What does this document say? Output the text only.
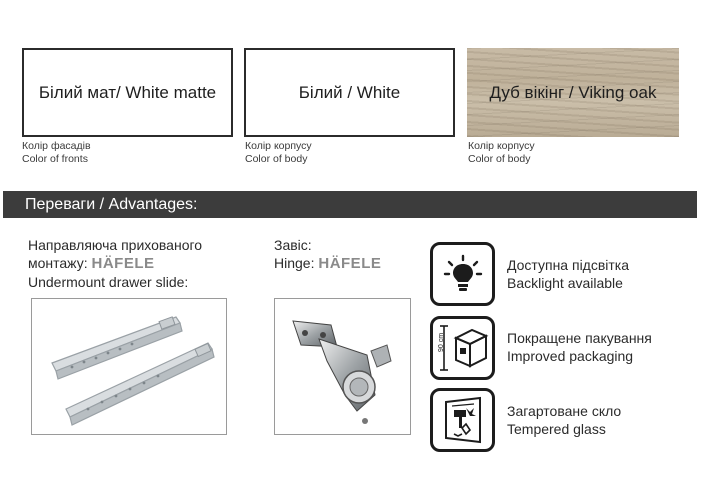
Білий мат/ White matte
Колір фасадів
Color of fronts
Білий / White
Колір корпусу
Color of body
Дуб вікінг / Viking oak
Колір корпусу
Color of body
Переваги / Advantages:
Направляюча прихованого
монтажу: HÄFELE
Undermount drawer slide:
Завіс:
Hinge: HÄFELE	Доступна підсвітка
Backlight available
90 cm	Покращене пакування
Improved packaging
Загартоване скло
Tempered glass
